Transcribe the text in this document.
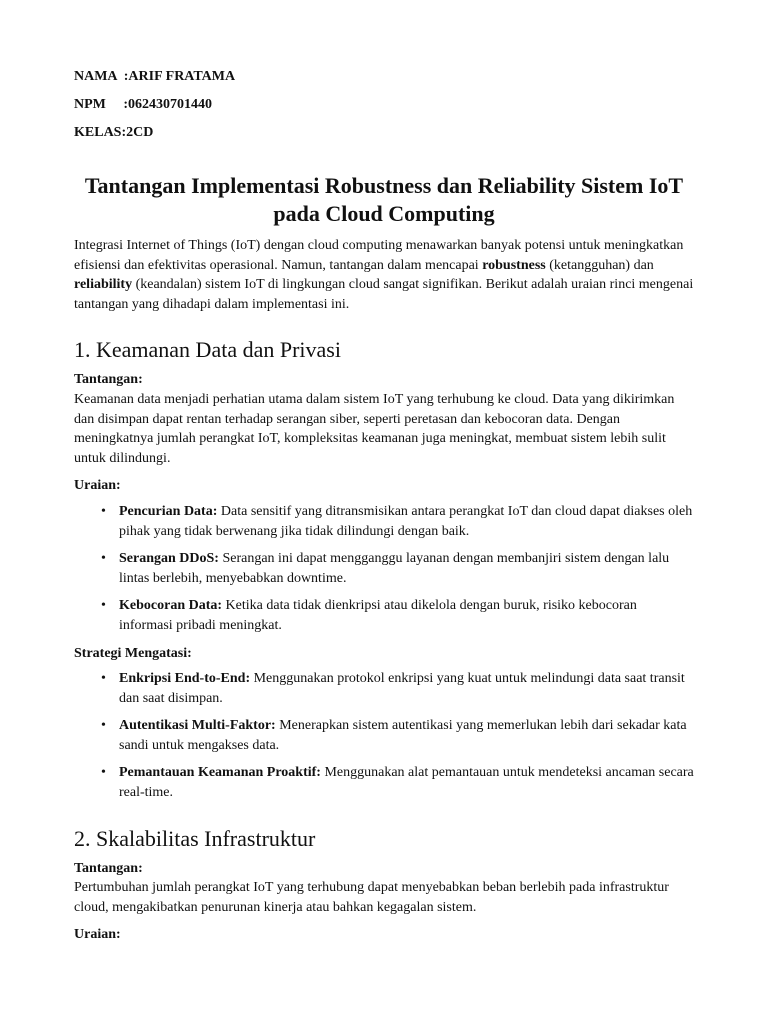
NAMA  :ARIF FRATAMA
NPM     :062430701440
KELAS:2CD
Tantangan Implementasi Robustness dan Reliability Sistem IoT pada Cloud Computing

Integrasi Internet of Things (IoT) dengan cloud computing menawarkan banyak potensi untuk meningkatkan efisiensi dan efektivitas operasional. Namun, tantangan dalam mencapai robustness (ketangguhan) dan reliability (keandalan) sistem IoT di lingkungan cloud sangat signifikan. Berikut adalah uraian rinci mengenai tantangan yang dihadapi dalam implementasi ini.

1. Keamanan Data dan Privasi

Tantangan:

Keamanan data menjadi perhatian utama dalam sistem IoT yang terhubung ke cloud. Data yang dikirimkan dan disimpan dapat rentan terhadap serangan siber, seperti peretasan dan kebocoran data. Dengan meningkatnya jumlah perangkat IoT, kompleksitas keamanan juga meningkat, membuat sistem lebih sulit untuk dilindungi.

Uraian:

• Pencurian Data: Data sensitif yang ditransmisikan antara perangkat IoT dan cloud dapat diakses oleh pihak yang tidak berwenang jika tidak dilindungi dengan baik.
• Serangan DDoS: Serangan ini dapat mengganggu layanan dengan membanjiri sistem dengan lalu lintas berlebih, menyebabkan downtime.
• Kebocoran Data: Ketika data tidak dienkripsi atau dikelola dengan buruk, risiko kebocoran informasi pribadi meningkat.

Strategi Mengatasi:

• Enkripsi End-to-End: Menggunakan protokol enkripsi yang kuat untuk melindungi data saat transit dan saat disimpan.
• Autentikasi Multi-Faktor: Menerapkan sistem autentikasi yang memerlukan lebih dari sekadar kata sandi untuk mengakses data.
• Pemantauan Keamanan Proaktif: Menggunakan alat pemantauan untuk mendeteksi ancaman secara real-time.
2. Skalabilitas Infrastruktur

Tantangan:

Pertumbuhan jumlah perangkat IoT yang terhubung dapat menyebabkan beban berlebih pada infrastruktur cloud, mengakibatkan penurunan kinerja atau bahkan kegagalan sistem.

Uraian:
